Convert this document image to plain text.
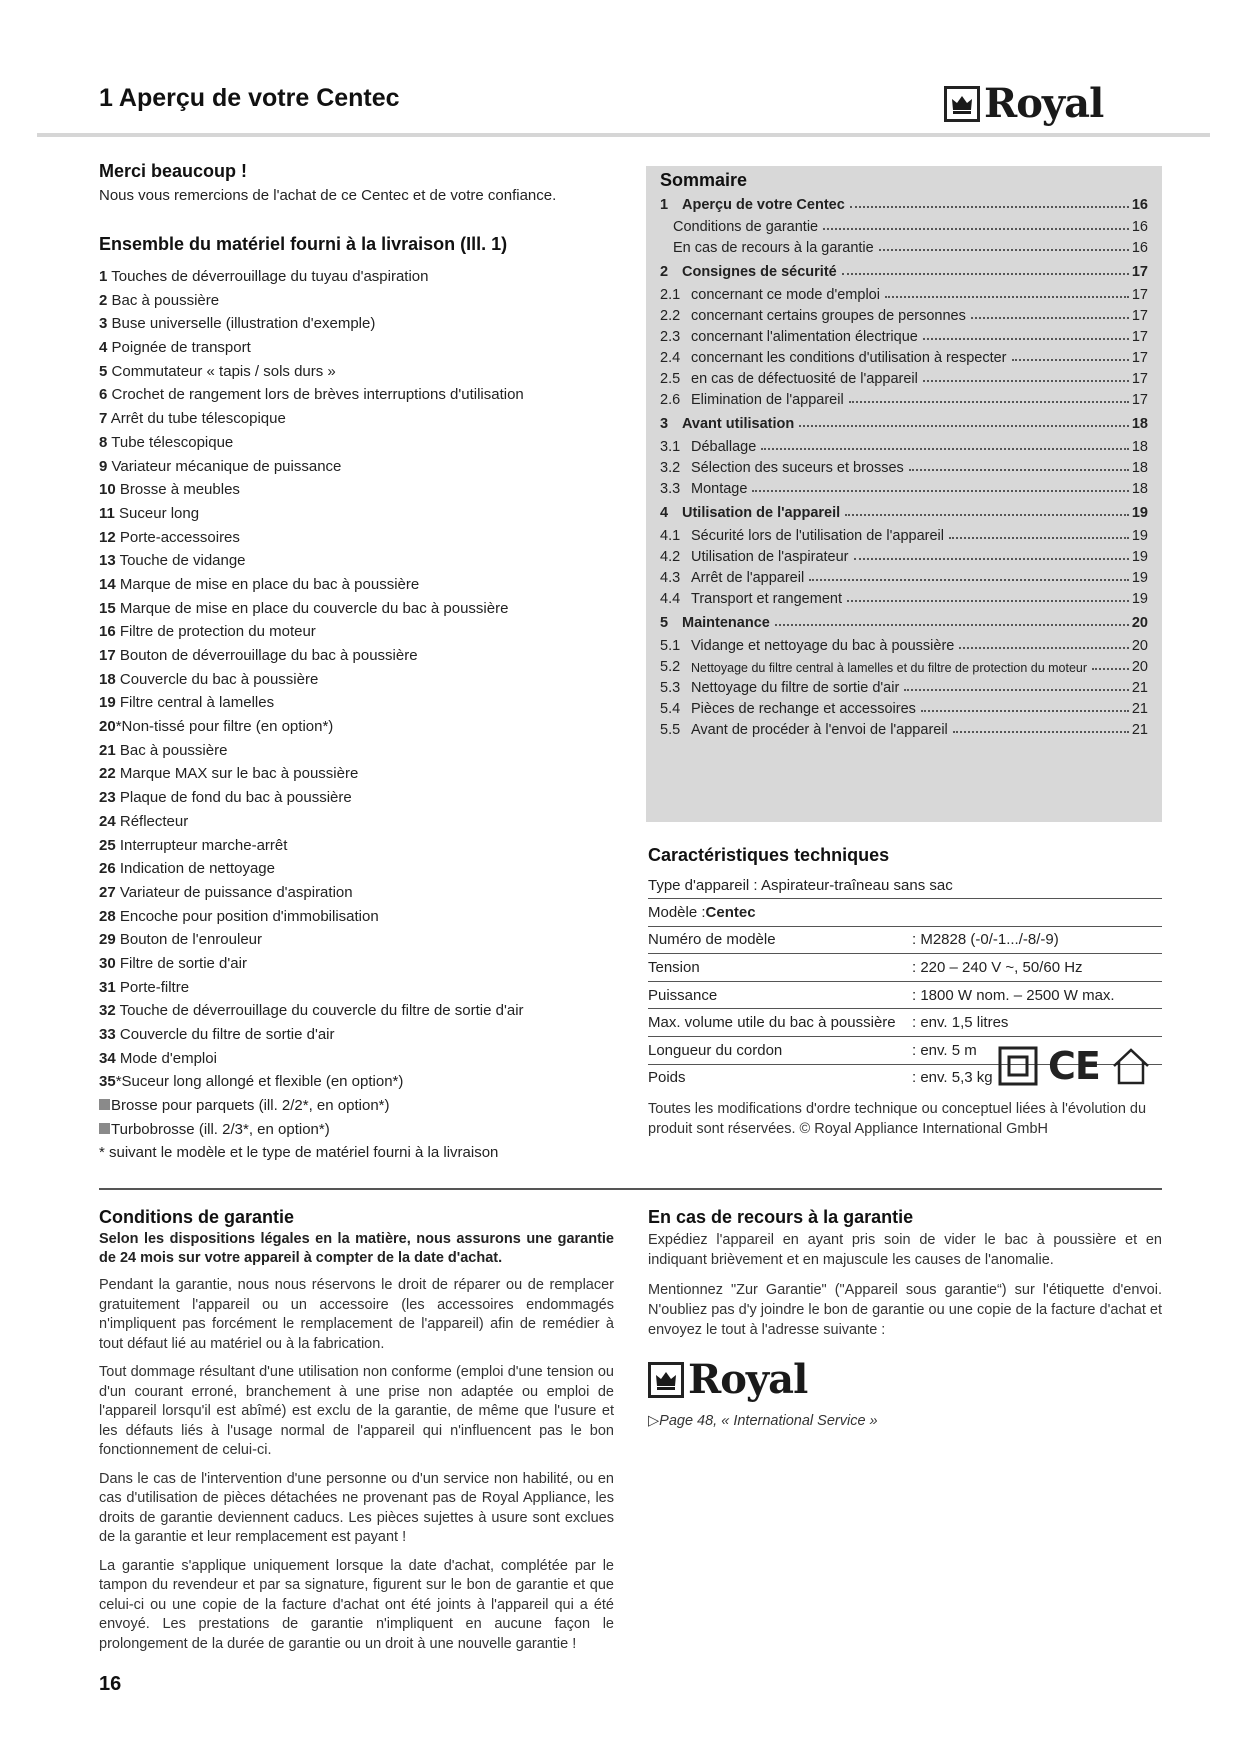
1 Aperçu de votre Centec	Royal
Merci beaucoup !

Nous vous remercions de l'achat de ce Centec et de votre confiance.

Ensemble du matériel fourni à la livraison (Ill. 1)
1 Touches de déverrouillage du tuyau d'aspiration
2 Bac à poussière
3 Buse universelle (illustration d'exemple)
4 Poignée de transport
5 Commutateur « tapis / sols durs »
6 Crochet de rangement lors de brèves interruptions d'utilisation
7 Arrêt du tube télescopique
8 Tube télescopique
9 Variateur mécanique de puissance
10 Brosse à meubles
11 Suceur long
12 Porte-accessoires
13 Touche de vidange
14 Marque de mise en place du bac à poussière
15 Marque de mise en place du couvercle du bac à poussière
16 Filtre de protection du moteur
17 Bouton de déverrouillage du bac à poussière
18 Couvercle du bac à poussière
19 Filtre central à lamelles
20*Non-tissé pour filtre (en option*)
21 Bac à poussière
22 Marque MAX sur le bac à poussière
23 Plaque de fond du bac à poussière
24 Réflecteur
25 Interrupteur marche-arrêt
26 Indication de nettoyage
27 Variateur de puissance d'aspiration
28 Encoche pour position d'immobilisation
29 Bouton de l'enrouleur
30 Filtre de sortie d'air
31 Porte-filtre
32 Touche de déverrouillage du couvercle du filtre de sortie d'air
33 Couvercle du filtre de sortie d'air
34 Mode d'emploi
35*Suceur long allongé et flexible (en option*)
Brosse pour parquets (ill. 2/2*, en option*)
Turbobrosse (ill. 2/3*, en option*)
* suivant le modèle et le type de matériel fourni à la livraison
Sommaire
1 Aperçu de votre Centec	16
Conditions de garantie	16
En cas de recours à la garantie	16
2 Consignes de sécurité	17
2.1 concernant ce mode d'emploi	17
2.2 concernant certains groupes de personnes	17
2.3 concernant l'alimentation électrique	17
2.4 concernant les conditions d'utilisation à respecter	17
2.5 en cas de défectuosité de l'appareil	17
2.6 Elimination de l'appareil	17
3 Avant utilisation	18
3.1 Déballage	18
3.2 Sélection des suceurs et brosses	18
3.3 Montage	18
4 Utilisation de l'appareil	19
4.1 Sécurité lors de l'utilisation de l'appareil	19
4.2 Utilisation de l'aspirateur	19
4.3 Arrêt de l'appareil	19
4.4 Transport et rangement	19
5 Maintenance	20
5.1 Vidange et nettoyage du bac à poussière	20
5.2 Nettoyage du filtre central à lamelles et du filtre de protection du moteur	20
5.3 Nettoyage du filtre de sortie d'air	21
5.4 Pièces de rechange et accessoires	21
5.5 Avant de procéder à l'envoi de l'appareil	21
Caractéristiques techniques
Type d'appareil : Aspirateur-traîneau sans sac
Modèle : Centec
Numéro de modèle	: M2828 (-0/-1.../-8/-9)
Tension	: 220 – 240 V ~, 50/60 Hz
Puissance	: 1800 W nom. – 2500 W max.
Max. volume utile du bac à poussière	: env. 1,5 litres
Longueur du cordon	: env. 5 m
Poids	: env. 5,3 kg
Toutes les modifications d'ordre technique ou conceptuel liées à l'évolution du produit sont réservées. © Royal Appliance International GmbH
CE
Conditions de garantie

Selon les dispositions légales en la matière, nous assurons une garantie de 24 mois sur votre appareil à compter de la date d'achat.

Pendant la garantie, nous nous réservons le droit de réparer ou de remplacer gratuitement l'appareil ou un accessoire (les accessoires endommagés n'impliquent pas forcément le remplacement de l'appareil) afin de remédier à tout défaut lié au matériel ou à la fabrication.

Tout dommage résultant d'une utilisation non conforme (emploi d'une tension ou d'un courant erroné, branchement à une prise non adaptée ou emploi de l'appareil lorsqu'il est abîmé) est exclu de la garantie, de même que l'usure et les défauts liés à l'usage normal de l'appareil qui n'influencent pas le bon fonctionnement de celui-ci.

Dans le cas de l'intervention d'une personne ou d'un service non habilité, ou en cas d'utilisation de pièces détachées ne provenant pas de Royal Appliance, les droits de garantie deviennent caducs. Les pièces sujettes à usure sont exclues de la garantie et leur remplacement est payant !

La garantie s'applique uniquement lorsque la date d'achat, complétée par le tampon du revendeur et par sa signature, figurent sur le bon de garantie et que celui-ci ou une copie de la facture d'achat ont été joints à l'appareil qui a été envoyé. Les prestations de garantie n'impliquent en aucune façon le prolongement de la durée de garantie ou un droit à une nouvelle garantie !

En cas de recours à la garantie

Expédiez l'appareil en ayant pris soin de vider le bac à poussière et en indiquant brièvement et en majuscule les causes de l'anomalie.

Mentionnez "Zur Garantie" ("Appareil sous garantie“) sur l'étiquette d'envoi. N'oubliez pas d'y joindre le bon de garantie ou une copie de la facture d'achat et envoyez le tout à l'adresse suivante :

Royal
▷Page 48, « International Service »
16
